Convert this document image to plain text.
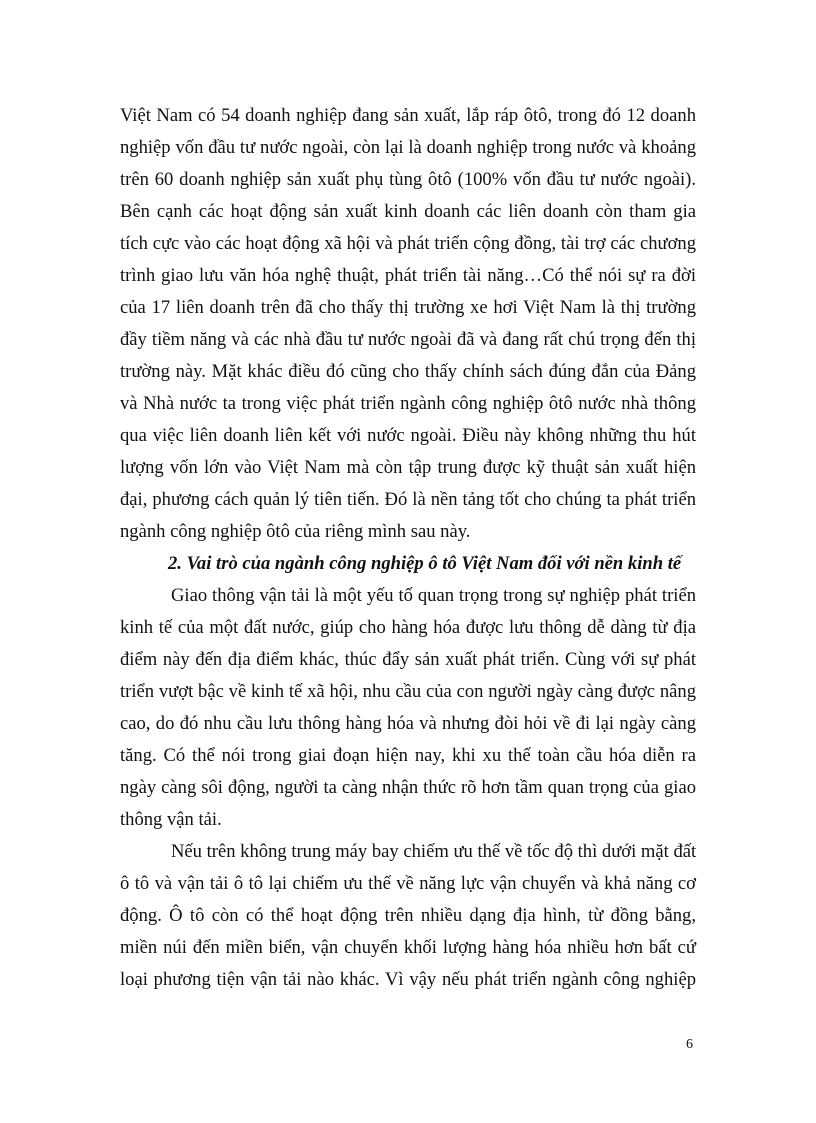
Việt Nam có 54 doanh nghiệp đang sản xuất, lắp ráp ôtô, trong đó 12 doanh
nghiệp vốn đầu tư nước ngoài, còn lại là doanh nghiệp trong nước và khoảng
trên 60 doanh nghiệp sản xuất phụ tùng ôtô (100% vốn đầu tư nước ngoài).
Bên cạnh các hoạt động sản xuất kinh doanh các liên doanh còn tham gia
tích cực vào các hoạt động xã hội và phát triển cộng đồng, tài trợ các chương
trình giao lưu văn hóa nghệ thuật, phát triển tài năng…Có thể nói sự ra đời
của 17 liên doanh trên đã cho thấy thị trường xe hơi Việt Nam là thị trường
đầy tiềm năng và các nhà đầu tư nước ngoài đã và đang rất chú trọng đến thị
trường này. Mặt khác điều đó cũng cho thấy chính sách đúng đắn của Đảng
và Nhà nước ta trong việc phát triển ngành công nghiệp ôtô nước nhà thông
qua việc liên doanh liên kết với nước ngoài. Điều này không những thu hút
lượng vốn lớn vào Việt Nam mà còn tập trung được kỹ thuật sản xuất hiện
đại, phương cách quản lý tiên tiến. Đó là nền tảng tốt cho chúng ta phát triển
ngành công nghiệp ôtô của riêng mình sau này.
2. Vai trò của ngành công nghiệp ô tô Việt Nam đối với nền kinh tế
Giao thông vận tải là một yếu tố quan trọng trong sự nghiệp phát triển
kinh tế của một đất nước, giúp cho hàng hóa được lưu thông dễ dàng từ địa
điểm này đến địa điểm khác, thúc đẩy sản xuất phát triển. Cùng với sự phát
triển vượt bậc về kinh tế xã hội, nhu cầu của con người ngày càng được nâng
cao, do đó nhu cầu lưu thông hàng hóa và nhưng đòi hỏi về đi lại ngày càng
tăng. Có thể nói trong giai đoạn hiện nay, khi xu thế toàn cầu hóa diễn ra
ngày càng sôi động, người ta càng nhận thức rõ hơn tầm quan trọng của giao
thông vận tải.
Nếu trên không trung máy bay chiếm ưu thế về tốc độ thì dưới mặt đất
ô tô và vận tải ô tô lại chiếm ưu thế về năng lực vận chuyển và khả năng cơ
động. Ô tô còn có thể hoạt động trên nhiều dạng địa hình, từ đồng bằng,
miền núi đến miền biển, vận chuyển khối lượng hàng hóa nhiều hơn bất cứ
loại phương tiện vận tải nào khác. Vì vậy nếu phát triển ngành công nghiệp
6
